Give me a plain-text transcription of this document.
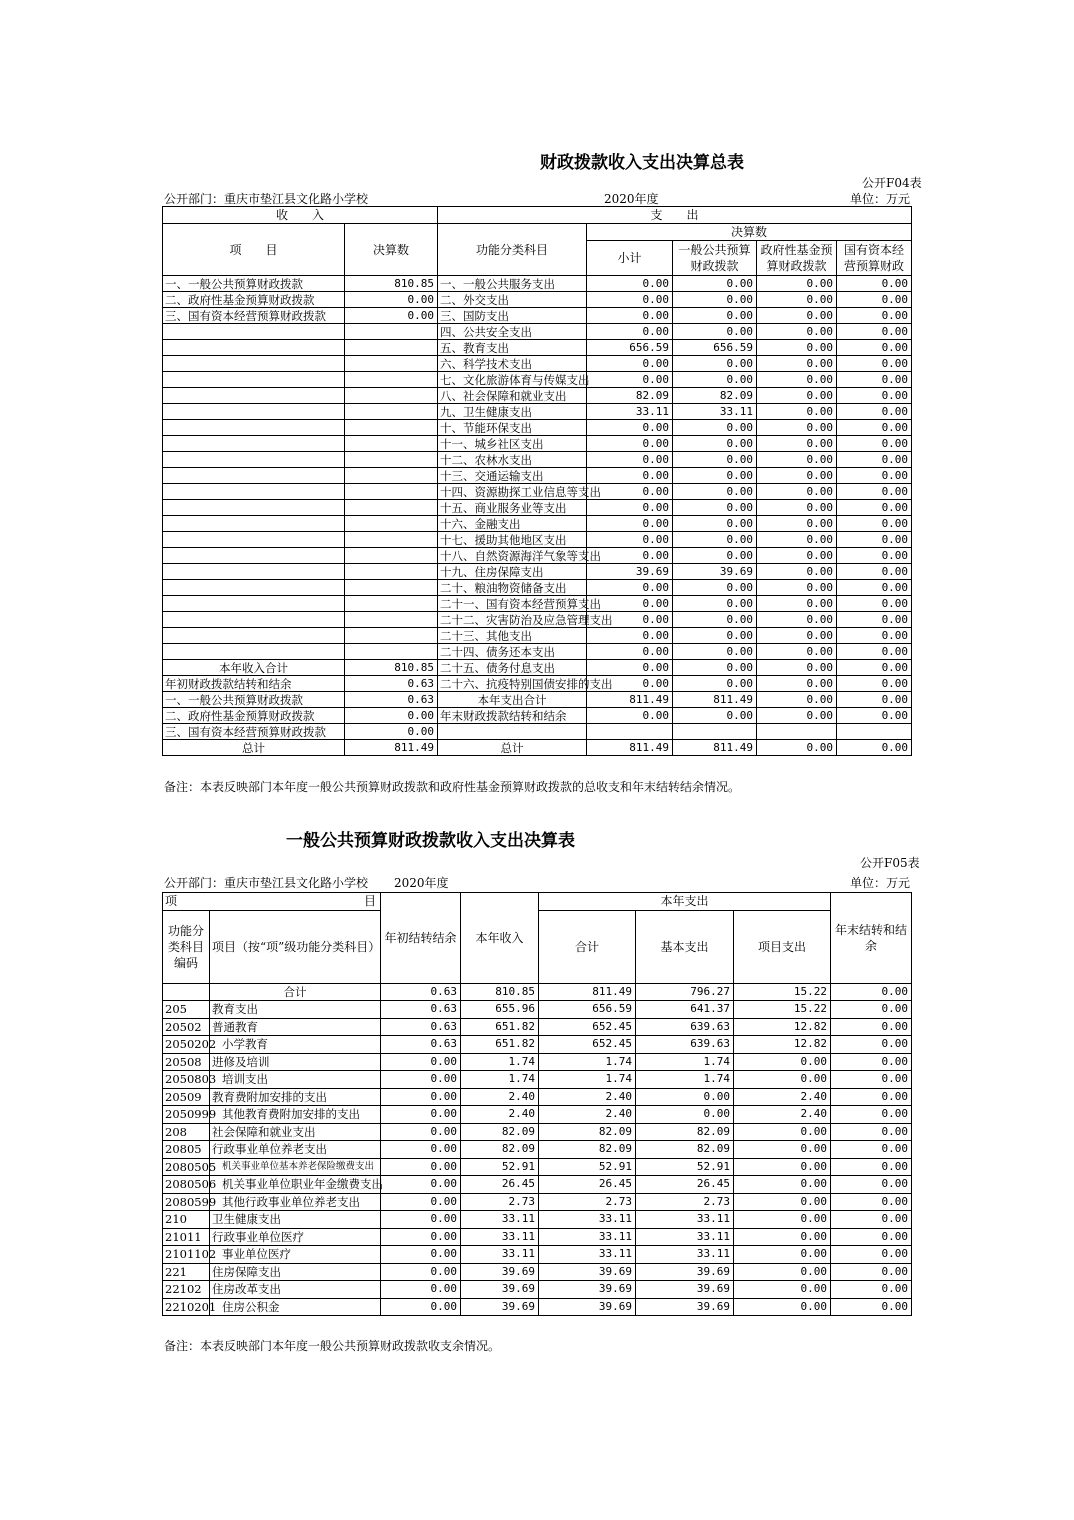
财政拨款收入支出决算总表
公开F04表
公开部门：重庆市垫江县文化路小学校	2020年度	单位：万元
收　　入		支　　出				
项　　目	决算数	功能分类科目	决算数			
			小计	一般公共预算财政拨款	政府性基金预算财政拨款	国有资本经营预算财政
一、一般公共预算财政拨款	810.85	一、一般公共服务支出	0.00	0.00	0.00	0.00
二、政府性基金预算财政拨款	0.00	二、外交支出	0.00	0.00	0.00	0.00
三、国有资本经营预算财政拨款	0.00	三、国防支出	0.00	0.00	0.00	0.00
		四、公共安全支出	0.00	0.00	0.00	0.00
		五、教育支出	656.59	656.59	0.00	0.00
		六、科学技术支出	0.00	0.00	0.00	0.00
		七、文化旅游体育与传媒支出	0.00	0.00	0.00	0.00
		八、社会保障和就业支出	82.09	82.09	0.00	0.00
		九、卫生健康支出	33.11	33.11	0.00	0.00
		十、节能环保支出	0.00	0.00	0.00	0.00
		十一、城乡社区支出	0.00	0.00	0.00	0.00
		十二、农林水支出	0.00	0.00	0.00	0.00
		十三、交通运输支出	0.00	0.00	0.00	0.00
		十四、资源勘探工业信息等支出	0.00	0.00	0.00	0.00
		十五、商业服务业等支出	0.00	0.00	0.00	0.00
		十六、金融支出	0.00	0.00	0.00	0.00
		十七、援助其他地区支出	0.00	0.00	0.00	0.00
		十八、自然资源海洋气象等支出	0.00	0.00	0.00	0.00
		十九、住房保障支出	39.69	39.69	0.00	0.00
		二十、粮油物资储备支出	0.00	0.00	0.00	0.00
		二十一、国有资本经营预算支出	0.00	0.00	0.00	0.00
		二十二、灾害防治及应急管理支出	0.00	0.00	0.00	0.00
		二十三、其他支出	0.00	0.00	0.00	0.00
		二十四、债务还本支出	0.00	0.00	0.00	0.00
本年收入合计	810.85	二十五、债务付息支出	0.00	0.00	0.00	0.00
年初财政拨款结转和结余	0.63	二十六、抗疫特别国债安排的支出	0.00	0.00	0.00	0.00
一、一般公共预算财政拨款	0.63	本年支出合计	811.49	811.49	0.00	0.00
二、政府性基金预算财政拨款	0.00	年末财政拨款结转和结余	0.00	0.00	0.00	0.00
三、国有资本经营预算财政拨款	0.00					
总计	811.49	总计	811.49	811.49	0.00	0.00
备注：本表反映部门本年度一般公共预算财政拨款和政府性基金预算财政拨款的总收支和年末结转结余情况。
一般公共预算财政拨款收入支出决算表
公开F05表
公开部门：重庆市垫江县文化路小学校 2020年度	单位：万元
项 目		年初结转结余	本年收入	本年支出			年末结转和结余
功能分类科目编码	项目（按“项”级功能分类科目）			合计	基本支出	项目支出	
	合计	0.63	810.85	811.49	796.27	15.22	0.00
205	教育支出	0.63	655.96	656.59	641.37	15.22	0.00
20502	普通教育	0.63	651.82	652.45	639.63	12.82	0.00
2050202	小学教育	0.63	651.82	652.45	639.63	12.82	0.00
20508	进修及培训	0.00	1.74	1.74	1.74	0.00	0.00
2050803	培训支出	0.00	1.74	1.74	1.74	0.00	0.00
20509	教育费附加安排的支出	0.00	2.40	2.40	0.00	2.40	0.00
2050999	其他教育费附加安排的支出	0.00	2.40	2.40	0.00	2.40	0.00
208	社会保障和就业支出	0.00	82.09	82.09	82.09	0.00	0.00
20805	行政事业单位养老支出	0.00	82.09	82.09	82.09	0.00	0.00
2080505	机关事业单位基本养老保险缴费支出	0.00	52.91	52.91	52.91	0.00	0.00
2080506	机关事业单位职业年金缴费支出	0.00	26.45	26.45	26.45	0.00	0.00
2080599	其他行政事业单位养老支出	0.00	2.73	2.73	2.73	0.00	0.00
210	卫生健康支出	0.00	33.11	33.11	33.11	0.00	0.00
21011	行政事业单位医疗	0.00	33.11	33.11	33.11	0.00	0.00
2101102	事业单位医疗	0.00	33.11	33.11	33.11	0.00	0.00
221	住房保障支出	0.00	39.69	39.69	39.69	0.00	0.00
22102	住房改革支出	0.00	39.69	39.69	39.69	0.00	0.00
2210201	住房公积金	0.00	39.69	39.69	39.69	0.00	0.00
备注：本表反映部门本年度一般公共预算财政拨款收支余情况。
